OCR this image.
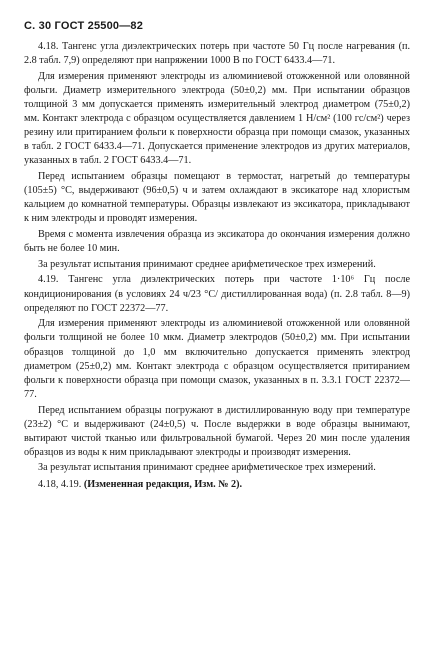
С. 30 ГОСТ 25500—82

4.18. Тангенс угла диэлектрических потерь при частоте 50 Гц после нагревания (п. 2.8 табл. 7,9) определяют при напряжении 1000 В по ГОСТ 6433.4—71.

Для измерения применяют электроды из алюминиевой отожженной или оловянной фольги. Диаметр измерительного электрода (50±0,2) мм. При испытании образцов толщиной 3 мм допускается применять измерительный электрод диаметром (75±0,2) мм. Контакт электрода с образцом осуществляется давлением 1 Н/см² (100 гс/см²) через резину или притиранием фольги к поверхности образца при помощи смазок, указанных в табл. 2 ГОСТ 6433.4—71. Допускается применение электродов из других материалов, указанных в табл. 2 ГОСТ 6433.4—71.

Перед испытанием образцы помещают в термостат, нагретый до температуры (105±5) °С, выдерживают (96±0,5) ч и затем охлаждают в эксикаторе над хлористым кальцием до комнатной температуры. Образцы извлекают из эксикатора, прикладывают к ним электроды и проводят измерения.

Время с момента извлечения образца из эксикатора до окончания измерения должно быть не более 10 мин.

За результат испытания принимают среднее арифметическое трех измерений.

4.19. Тангенс угла диэлектрических потерь при частоте 1·10⁶ Гц после кондиционирования (в условиях 24 ч/23 °С/ дистиллированная вода) (п. 2.8 табл. 8—9) определяют по ГОСТ 22372—77.

Для измерения применяют электроды из алюминиевой отожженной или оловянной фольги толщиной не более 10 мкм. Диаметр электродов (50±0,2) мм. При испытании образцов толщиной до 1,0 мм включительно допускается применять электрод диаметром (25±0,2) мм. Контакт электрода с образцом осуществляется притиранием фольги к поверхности образца при помощи смазок, указанных в п. 3.3.1 ГОСТ 22372—77.

Перед испытанием образцы погружают в дистиллированную воду при температуре (23±2) °С и выдерживают (24±0,5) ч. После выдержки в воде образцы вынимают, вытирают чистой тканью или фильтровальной бумагой. Через 20 мин после удаления образцов из воды к ним прикладывают электроды и производят измерения.

За результат испытания принимают среднее арифметическое трех измерений.

4.18, 4.19. (Измененная редакция, Изм. № 2).
